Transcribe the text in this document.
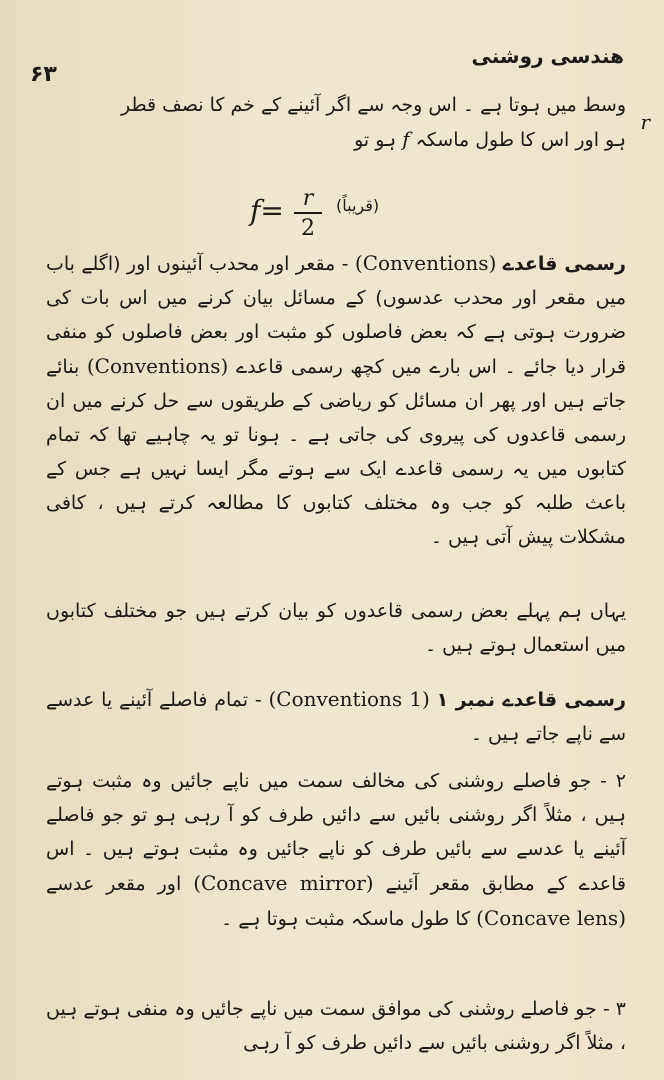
هندسی روشنی
۶۳
r
وسط میں ہوتا ہے ۔ اس وجہ سے اگر آئینے کے خم کا نصف قطر
ہو اور اس کا طول ماسکہ f ہو تو
f= r
2
(قریباً)
رسمی قاعدے (Conventions) - مقعر اور محدب آئینوں اور (اگلے باب میں مقعر اور محدب عدسوں) کے مسائل بیان کرنے میں اس بات کی ضرورت ہوتی ہے کہ بعض فاصلوں کو مثبت اور بعض فاصلوں کو منفی قرار دیا جائے ۔ اس بارے میں کچھ رسمی قاعدے (Conventions) بنائے جاتے ہیں اور پھر ان مسائل کو ریاضی کے طریقوں سے حل کرنے میں ان رسمی قاعدوں کی پیروی کی جاتی ہے ۔ ہونا تو یہ چاہیے تھا کہ تمام کتابوں میں یہ رسمی قاعدے ایک سے ہوتے مگر ایسا نہیں ہے جس کے باعث طلبہ کو جب وہ مختلف کتابوں کا مطالعہ کرتے ہیں ، کافی مشکلات پیش آتی ہیں ۔
یہاں ہم پہلے بعض رسمی قاعدوں کو بیان کرتے ہیں جو مختلف کتابوں میں استعمال ہوتے ہیں ۔
رسمی قاعدے نمبر ۱ (Conventions 1) - تمام فاصلے آئینے یا عدسے سے ناپے جاتے ہیں ۔
۲ - جو فاصلے روشنی کی مخالف سمت میں ناپے جائیں وہ مثبت ہوتے ہیں ، مثلاً اگر روشنی بائیں سے دائیں طرف کو آ رہی ہو تو جو فاصلے آئینے یا عدسے سے بائیں طرف کو ناپے جائیں وہ مثبت ہوتے ہیں ۔ اس قاعدے کے مطابق مقعر آئینے (Concave mirror) اور مقعر عدسے (Concave lens) کا طول ماسکہ مثبت ہوتا ہے ۔
۳ - جو فاصلے روشنی کی موافق سمت میں ناپے جائیں وہ منفی ہوتے ہیں ، مثلاً اگر روشنی بائیں سے دائیں طرف کو آ رہی
